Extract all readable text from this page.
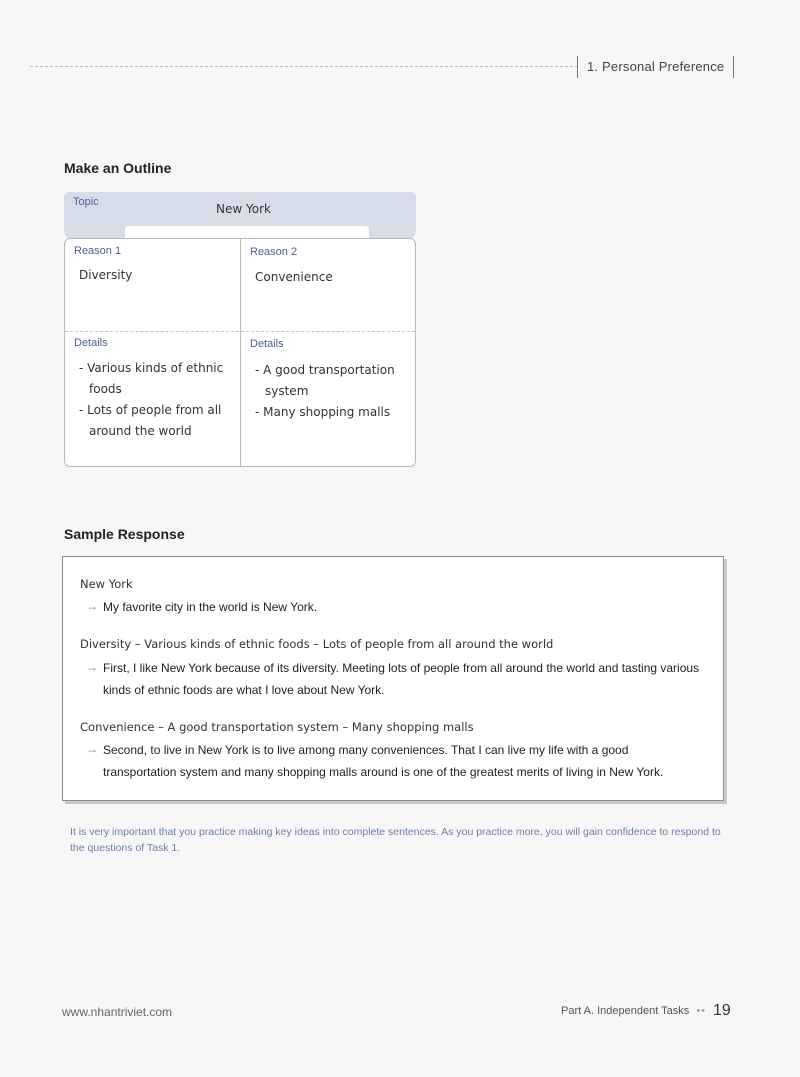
1. Personal Preference
Make an Outline
Topic	New York
Reason 1
Diversity
Reason 2
Convenience
Details
- Various kinds of ethnic foods
- Lots of people from all around the world
Details
- A good transportation system
- Many shopping malls
Sample Response
New York
→ My favorite city in the world is New York.
Diversity – Various kinds of ethnic foods – Lots of people from all around the world
→ First, I like New York because of its diversity. Meeting lots of people from all around the world and tasting various kinds of ethnic foods are what I love about New York.
Convenience – A good transportation system – Many shopping malls
→ Second, to live in New York is to live among many conveniences. That I can live my life with a good transportation system and many shopping malls around is one of the greatest merits of living in New York.
It is very important that you practice making key ideas into complete sentences. As you practice more, you will gain confidence to respond to the questions of Task 1.
www.nhantriviet.com	Part A. Independent Tasks •• 19
